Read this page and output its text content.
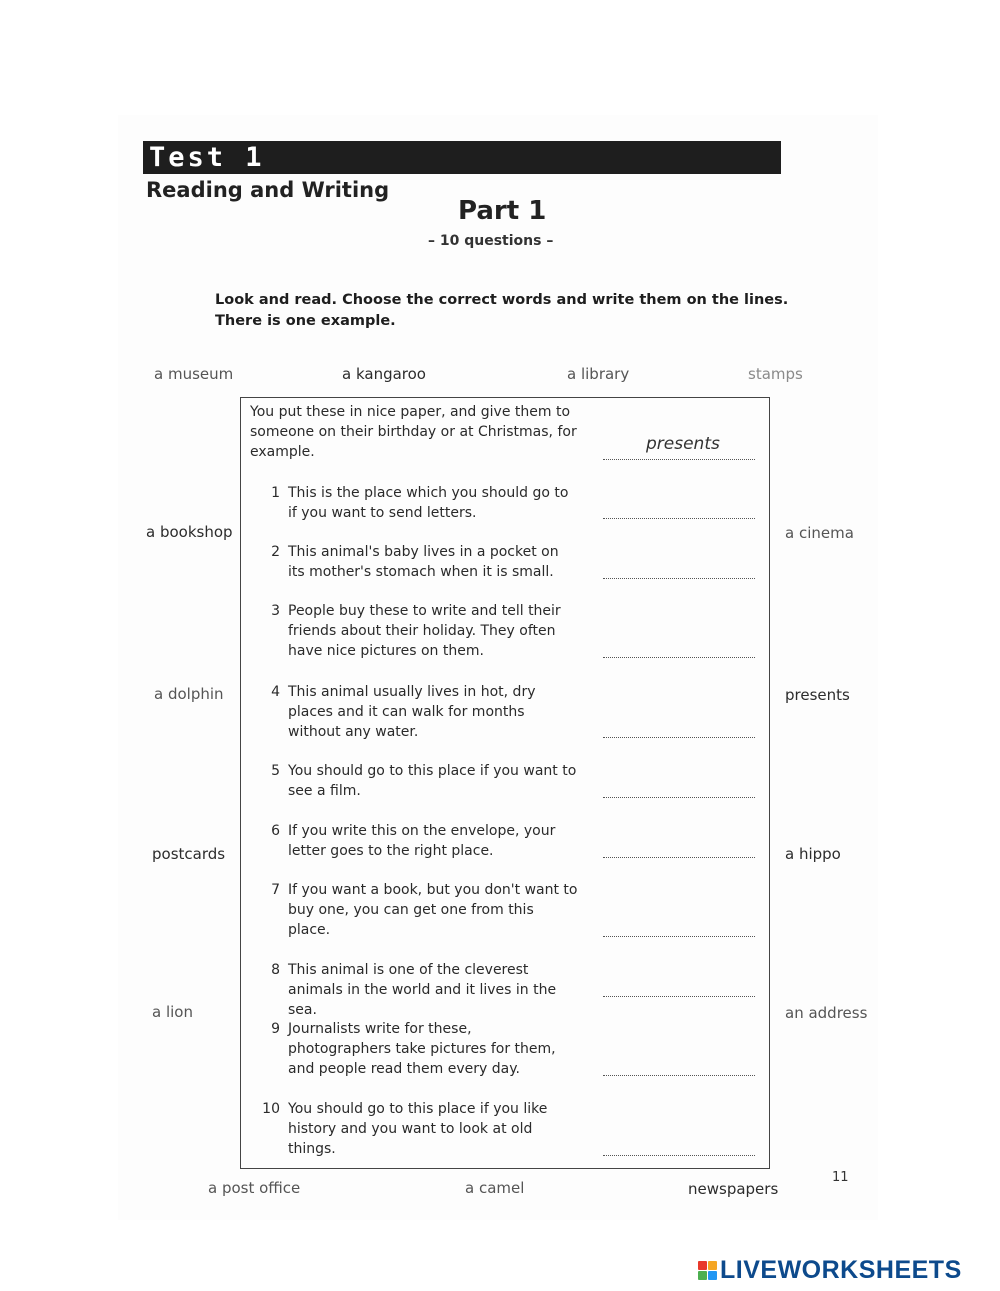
Test 1
Reading and Writing
Part 1
– 10 questions –
Look and read. Choose the correct words and write them on the lines.
There is one example.
a museum	a kangaroo	a library	stamps
a bookshop	a cinema
a dolphin	presents
postcards	a hippo
a lion	an address
a post office	a camel	newspapers
You put these in nice paper, and give them to someone on their birthday or at Christmas, for example.	presents
1 This is the place which you should go to if you want to send letters.
2 This animal's baby lives in a pocket on its mother's stomach when it is small.
3 People buy these to write and tell their friends about their holiday. They often have nice pictures on them.
4 This animal usually lives in hot, dry places and it can walk for months without any water.
5 You should go to this place if you want to see a film.
6 If you write this on the envelope, your letter goes to the right place.
7 If you want a book, but you don't want to buy one, you can get one from this place.
8 This animal is one of the cleverest animals in the world and it lives in the sea.
9 Journalists write for these, photographers take pictures for them, and people read them every day.
10 You should go to this place if you like history and you want to look at old things.
11
LIVEWORKSHEETS
